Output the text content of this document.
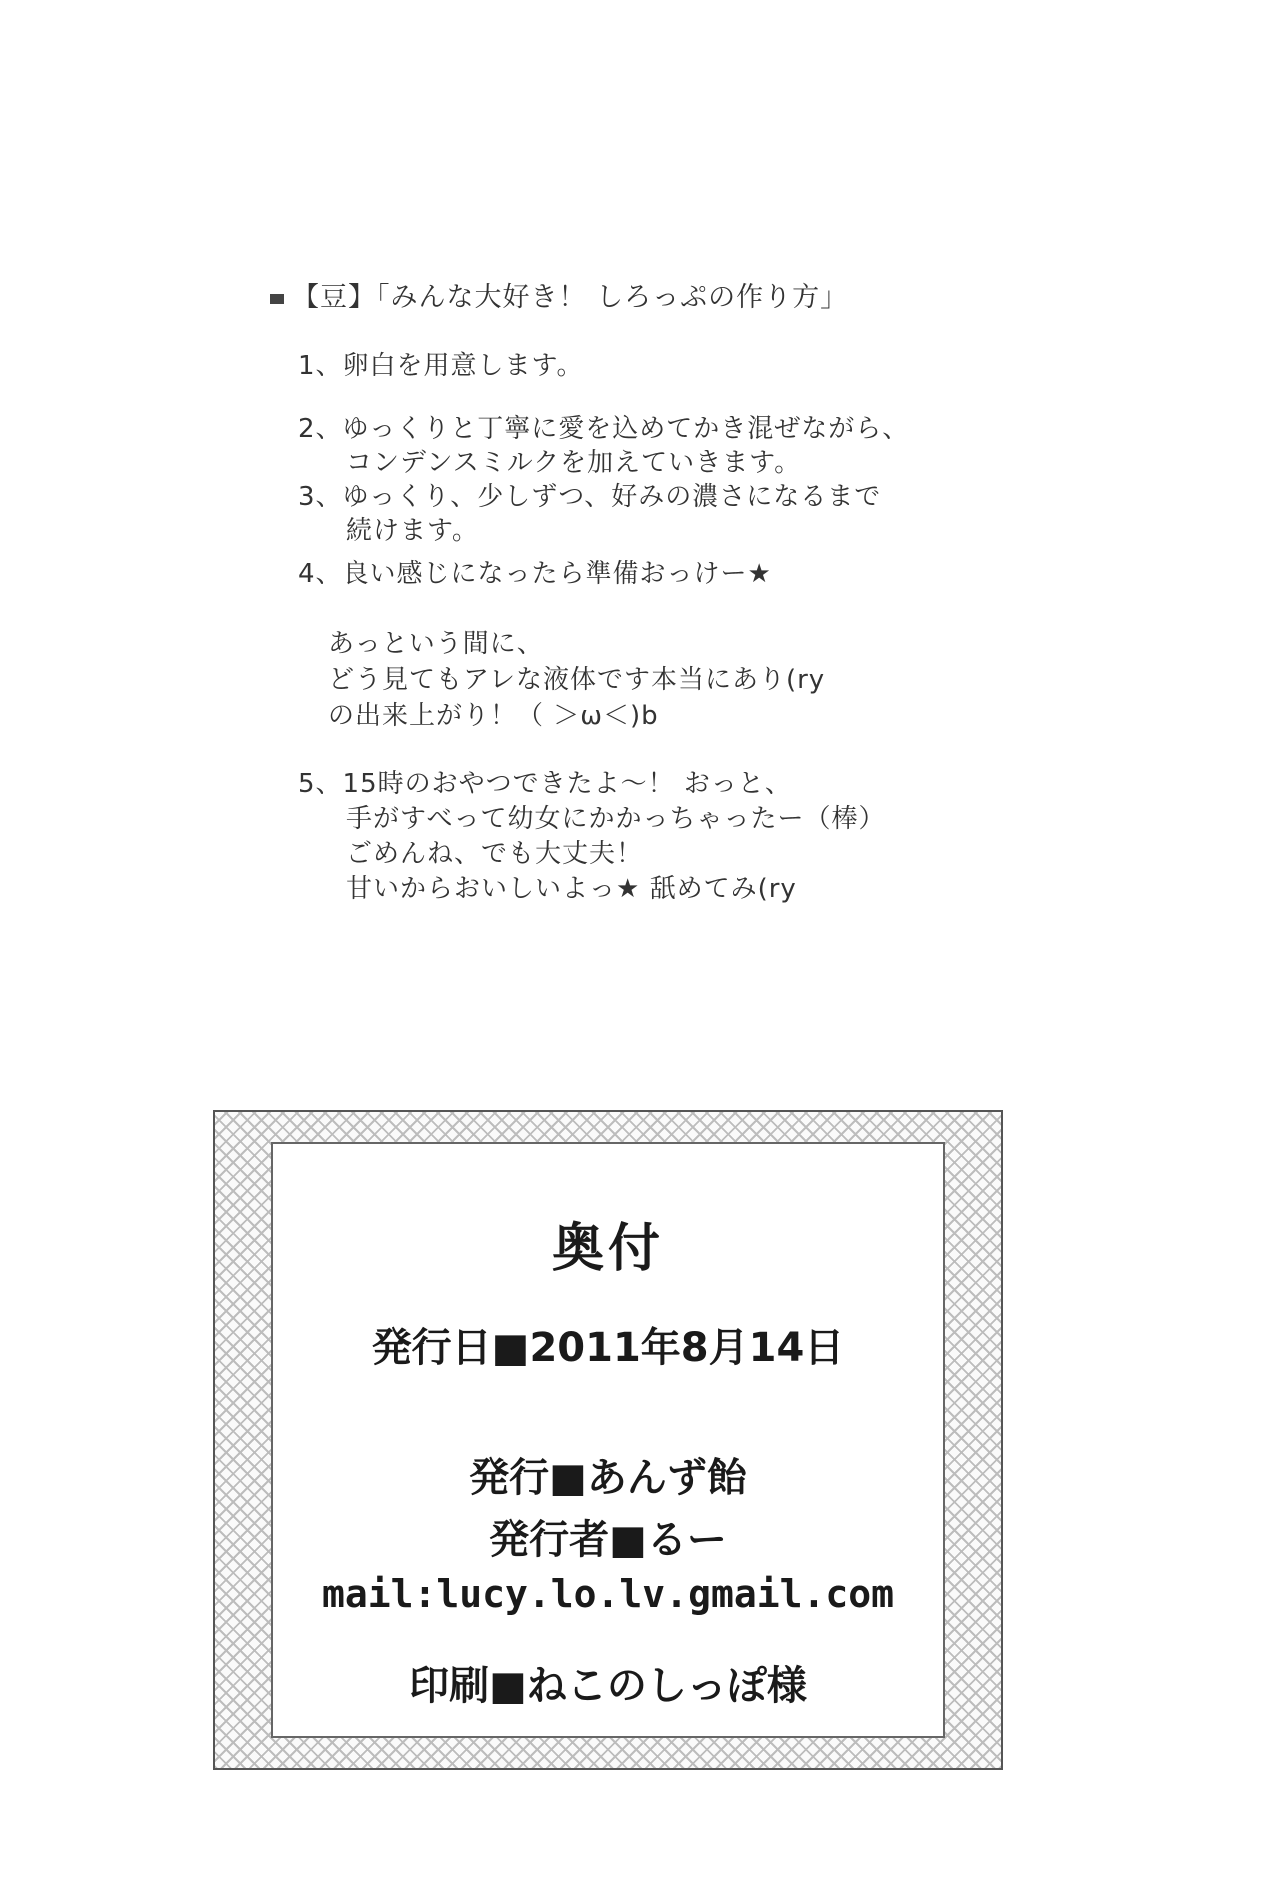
【豆】「みんな大好き！ しろっぷの作り方」
1、卵白を用意します。
2、ゆっくりと丁寧に愛を込めてかき混ぜながら、
コンデンスミルクを加えていきます。
3、ゆっくり、少しずつ、好みの濃さになるまで
続けます。
4、良い感じになったら準備おっけー★
あっという間に、
どう見てもアレな液体です本当にあり(ry
の出来上がり！（ ＞ω＜)b
5、15時のおやつできたよ～！ おっと、
手がすべって幼女にかかっちゃったー（棒）
ごめんね、でも大丈夫！
甘いからおいしいよっ★ 舐めてみ(ry
奥付
発行日■2011年8月14日
発行■あんず飴
発行者■るー
mail:lucy.lo.lv.gmail.com
印刷■ねこのしっぽ様
